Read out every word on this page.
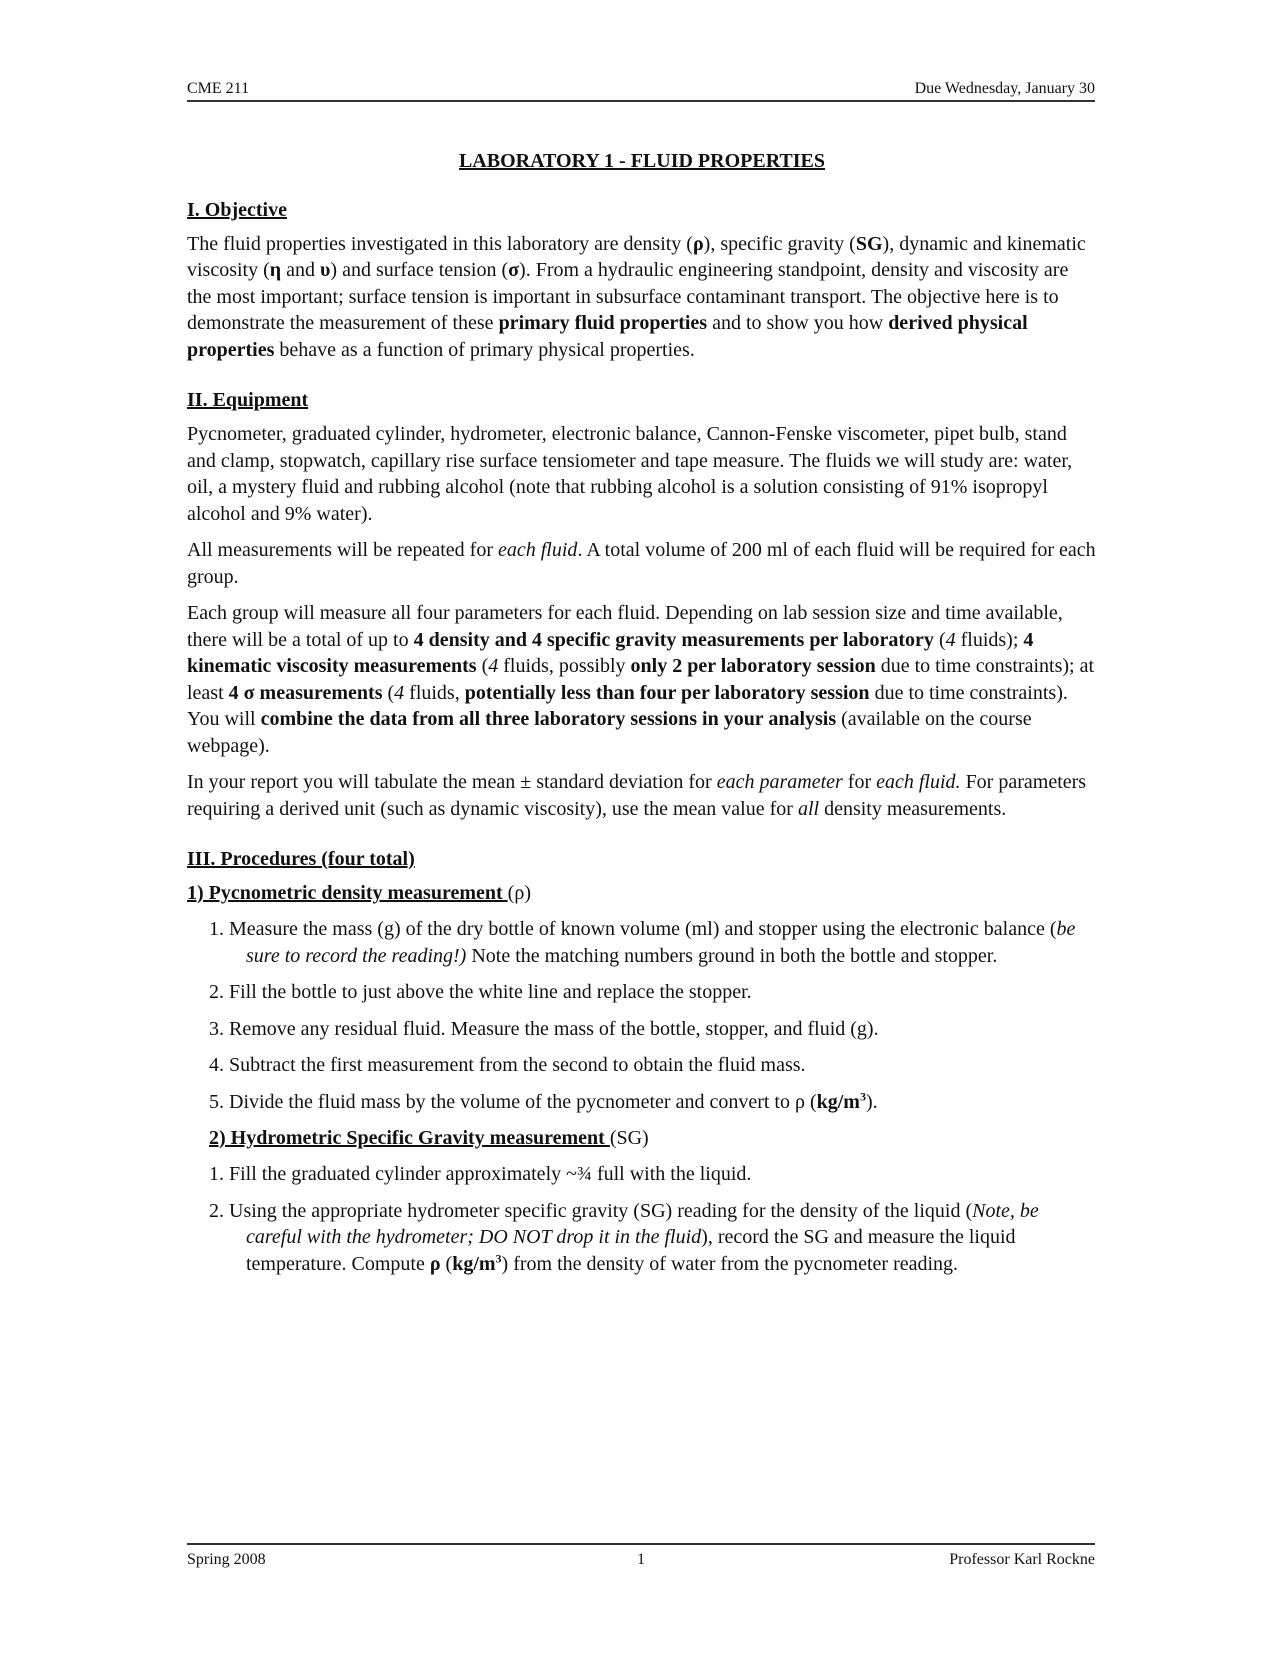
CME 211	Due Wednesday, January 30
LABORATORY 1 - FLUID PROPERTIES
I. Objective

The fluid properties investigated in this laboratory are density (ρ), specific gravity (SG), dynamic and kinematic viscosity (η and υ) and surface tension (σ). From a hydraulic engineering standpoint, density and viscosity are the most important; surface tension is important in subsurface contaminant transport. The objective here is to demonstrate the measurement of these primary fluid properties and to show you how derived physical properties behave as a function of primary physical properties.

II. Equipment

Pycnometer, graduated cylinder, hydrometer, electronic balance, Cannon-Fenske viscometer, pipet bulb, stand and clamp, stopwatch, capillary rise surface tensiometer and tape measure. The fluids we will study are: water, oil, a mystery fluid and rubbing alcohol (note that rubbing alcohol is a solution consisting of 91% isopropyl alcohol and 9% water).

All measurements will be repeated for each fluid. A total volume of 200 ml of each fluid will be required for each group.

Each group will measure all four parameters for each fluid. Depending on lab session size and time available, there will be a total of up to 4 density and 4 specific gravity measurements per laboratory (4 fluids); 4 kinematic viscosity measurements (4 fluids, possibly only 2 per laboratory session due to time constraints); at least 4 σ measurements (4 fluids, potentially less than four per laboratory session due to time constraints). You will combine the data from all three laboratory sessions in your analysis (available on the course webpage).

In your report you will tabulate the mean ± standard deviation for each parameter for each fluid. For parameters requiring a derived unit (such as dynamic viscosity), use the mean value for all density measurements.

III. Procedures (four total)
1) Pycnometric density measurement (ρ)
1. Measure the mass (g) of the dry bottle of known volume (ml) and stopper using the electronic balance (be sure to record the reading!) Note the matching numbers ground in both the bottle and stopper.
2. Fill the bottle to just above the white line and replace the stopper.
3. Remove any residual fluid. Measure the mass of the bottle, stopper, and fluid (g).
4. Subtract the first measurement from the second to obtain the fluid mass.
5. Divide the fluid mass by the volume of the pycnometer and convert to ρ $(kg/m^3)$.
2) Hydrometric Specific Gravity measurement (SG)
1. Fill the graduated cylinder approximately ~¾ full with the liquid.
2. Using the appropriate hydrometer specific gravity (SG) reading for the density of the liquid (Note, be careful with the hydrometer; DO NOT drop it in the fluid), record the SG and measure the liquid temperature. Compute ρ $(kg/m^3)$ from the density of water from the pycnometer reading.
Spring 2008	1	Professor Karl Rockne
